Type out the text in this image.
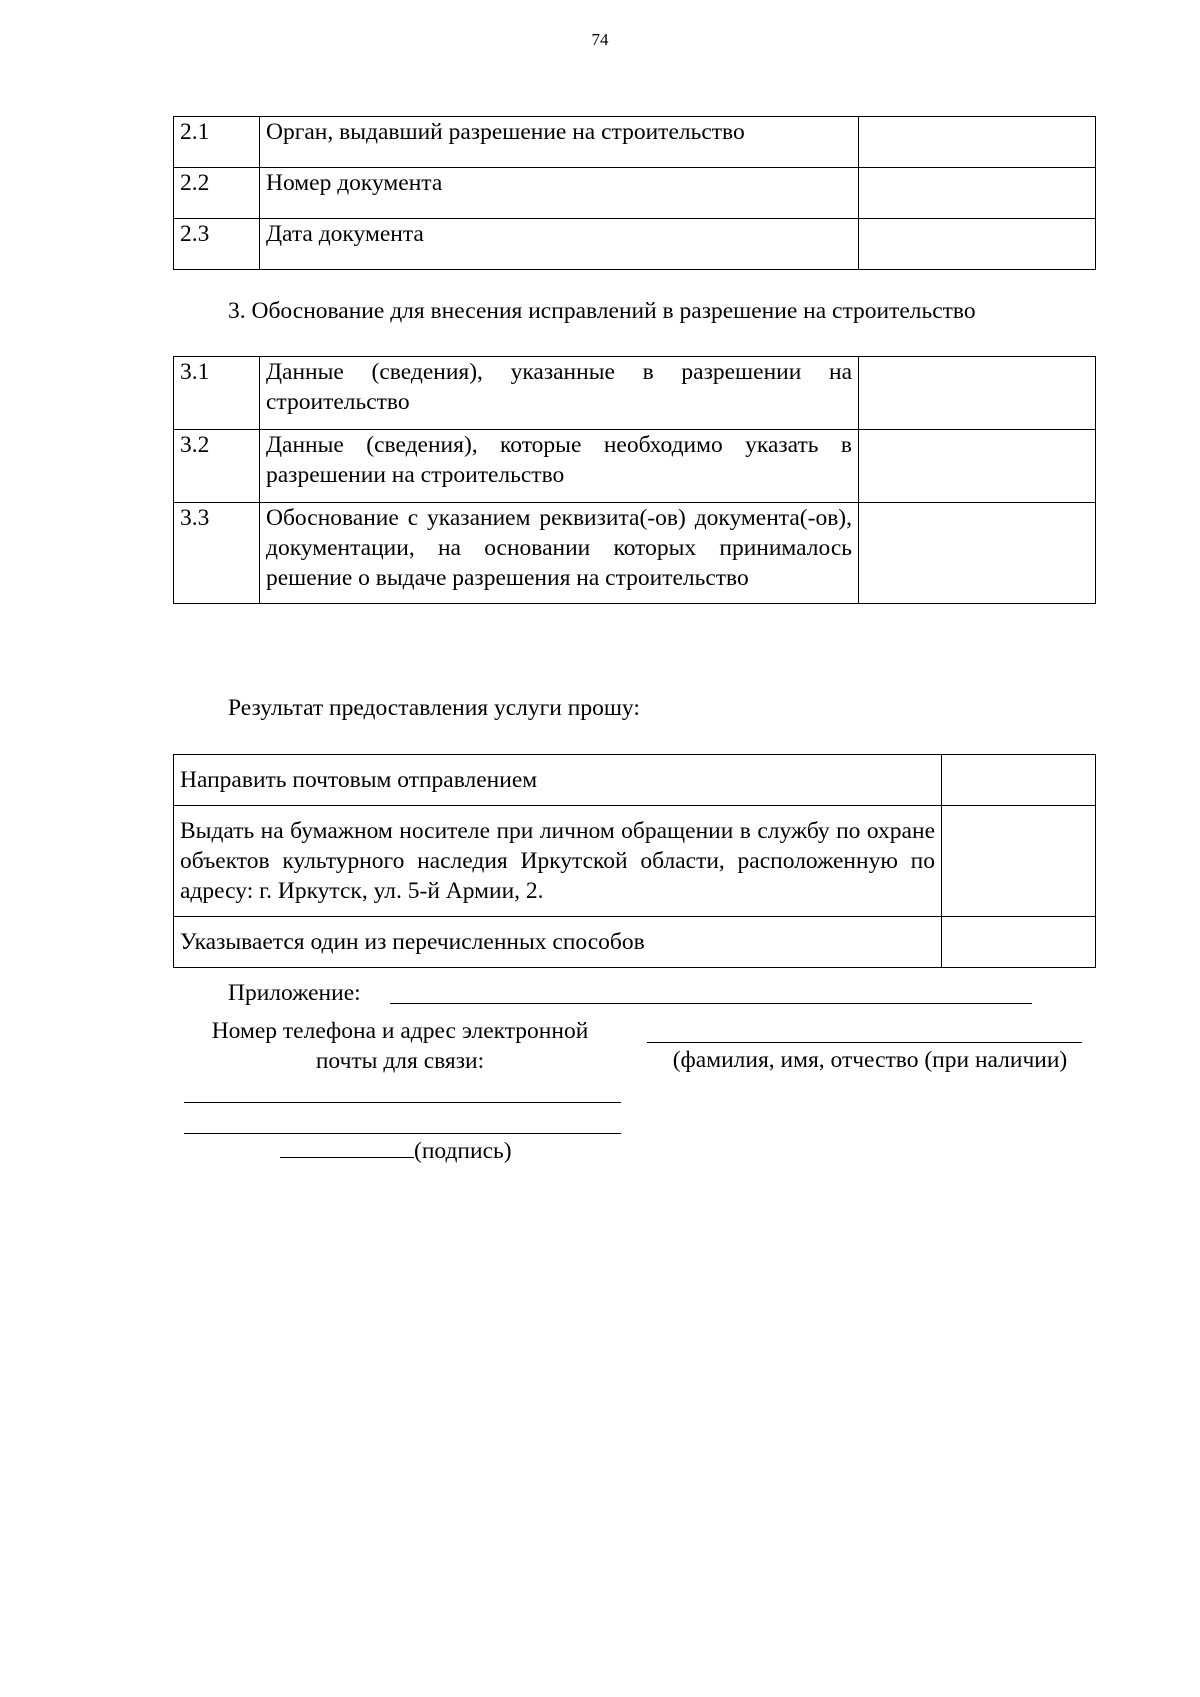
74
2.1	Орган, выдавший разрешение на строительство	
2.2	Номер документа	
2.3	Дата документа	
3. Обоснование для внесения исправлений в разрешение на строительство
3.1	Данные (сведения), указанные в разрешении на строительство	
3.2	Данные (сведения), которые необходимо указать в разрешении на строительство	
3.3	Обоснование с указанием реквизита(-ов) документа(-ов), документации, на основании которых принималось решение о выдаче разрешения на строительство	
Результат предоставления услуги прошу:
Направить почтовым отправлением	
Выдать на бумажном носителе при личном обращении в службу по охране объектов культурного наследия Иркутской области, расположенную по адресу: г. Иркутск, ул. 5-й Армии, 2.	
Указывается один из перечисленных способов	
Приложение:
Номер телефона и адрес электронной почты для связи:	(фамилия, имя, отчество (при наличии)
(подпись)
